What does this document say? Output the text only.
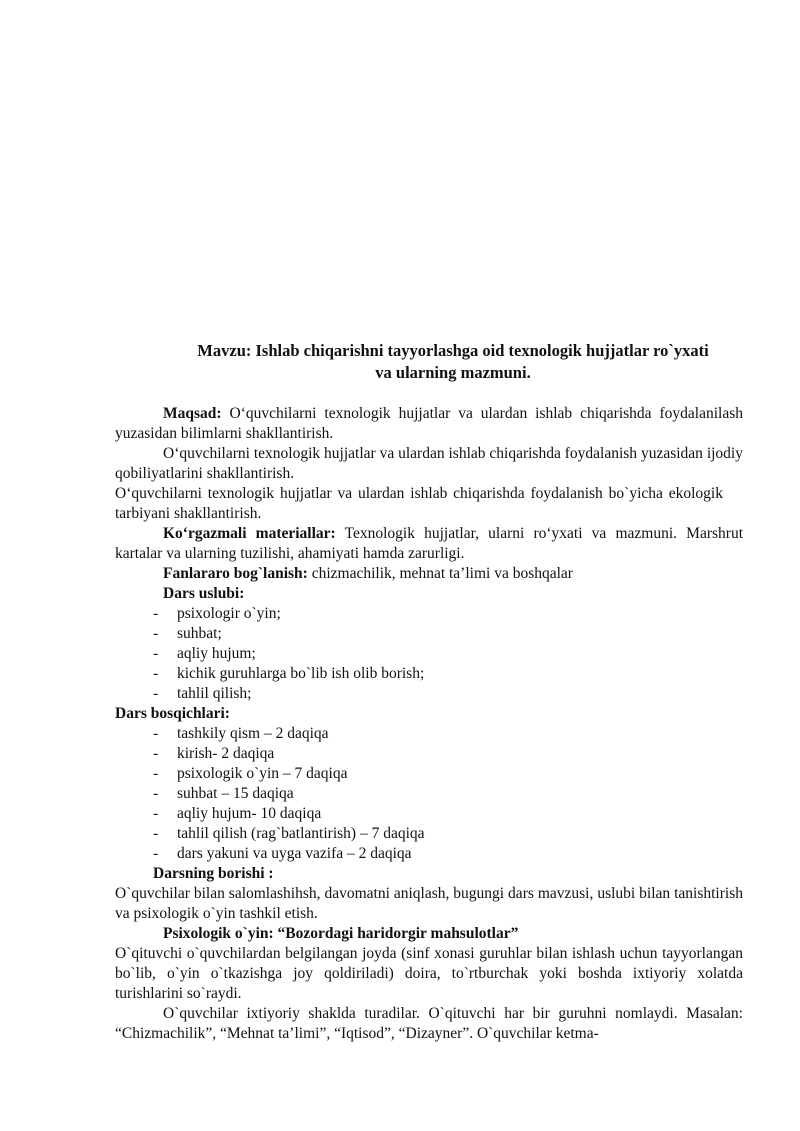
Mavzu: Ishlab chiqarishni tayyorlashga oid texnologik hujjatlar ro`yxati
va ularning mazmuni.

Maqsad: O‘quvchilarni texnologik hujjatlar va ulardan ishlab chiqarishda foydalanilash yuzasidan bilimlarni shakllantirish.

O‘quvchilarni texnologik hujjatlar va ulardan ishlab chiqarishda foydalanish yuzasidan ijodiy qobiliyatlarini shakllantirish.

O‘quvchilarni texnologik hujjatlar va ulardan ishlab chiqarishda foydalanish bo`yicha ekologik tarbiyani shakllantirish.

Ko‘rgazmali materiallar: Texnologik hujjatlar, ularni ro‘yxati va mazmuni. Marshrut kartalar va ularning tuzilishi, ahamiyati hamda zarurligi.

Fanlararo bog`lanish: chizmachilik, mehnat ta’limi va boshqalar

Dars uslubi:

- psixologir o`yin;
- suhbat;
- aqliy hujum;
- kichik guruhlarga bo`lib ish olib borish;
- tahlil qilish;

Dars bosqichlari:

- tashkily qism – 2 daqiqa
- kirish- 2 daqiqa
- psixologik o`yin – 7 daqiqa
- suhbat – 15 daqiqa
- aqliy hujum- 10 daqiqa
- tahlil qilish (rag`batlantirish) – 7 daqiqa
- dars yakuni va uyga vazifa – 2 daqiqa

Darsning borishi :

O`quvchilar bilan salomlashihsh, davomatni aniqlash, bugungi dars mavzusi, uslubi bilan tanishtirish va psixologik o`yin tashkil etish.

Psixologik o`yin: “Bozordagi haridorgir mahsulotlar”

O`qituvchi o`quvchilardan belgilangan joyda (sinf xonasi guruhlar bilan ishlash uchun tayyorlangan bo`lib, o`yin o`tkazishga joy qoldiriladi) doira, to`rtburchak yoki boshda ixtiyoriy xolatda turishlarini so`raydi.

O`quvchilar ixtiyoriy shaklda turadilar. O`qituvchi har bir guruhni nomlaydi. Masalan: “Chizmachilik”, “Mehnat ta’limi”, “Iqtisod”, “Dizayner”. O`quvchilar ketma-
